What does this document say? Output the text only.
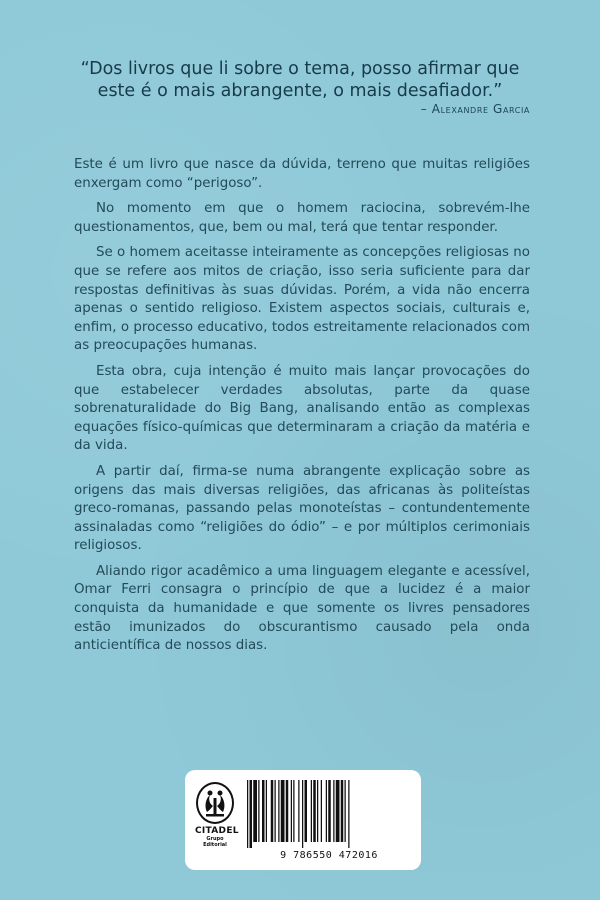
“Dos livros que li sobre o tema, posso afirmar que

este é o mais abrangente, o mais desafiador.”

– Alexandre Garcia

Este é um livro que nasce da dúvida, terreno que muitas religiões enxergam como “perigoso”.

No momento em que o homem raciocina, sobrevém-lhe questionamentos, que, bem ou mal, terá que tentar responder.

Se o homem aceitasse inteiramente as concepções religiosas no que se refere aos mitos de criação, isso seria suficiente para dar respostas definitivas às suas dúvidas. Porém, a vida não encerra apenas o sentido religioso. Existem aspectos sociais, culturais e, enfim, o processo educativo, todos estreitamente relacionados com as preocupações humanas.

Esta obra, cuja intenção é muito mais lançar provocações do que estabelecer verdades absolutas, parte da quase sobrenaturalidade do Big Bang, analisando então as complexas equações físico-químicas que determinaram a criação da matéria e da vida.

A partir daí, firma-se numa abrangente explicação sobre as origens das mais diversas religiões, das africanas às politeístas greco-romanas, passando pelas monoteístas – contundentemente assinaladas como “religiões do ódio” – e por múltiplos cerimoniais religiosos.

Aliando rigor acadêmico a uma linguagem elegante e acessível, Omar Ferri consagra o princípio de que a lucidez é a maior conquista da humanidade e que somente os livres pensadores estão imunizados do obscurantismo causado pela onda anticientífica de nossos dias.

CITADEL
Grupo Editorial
9 786550 472016
